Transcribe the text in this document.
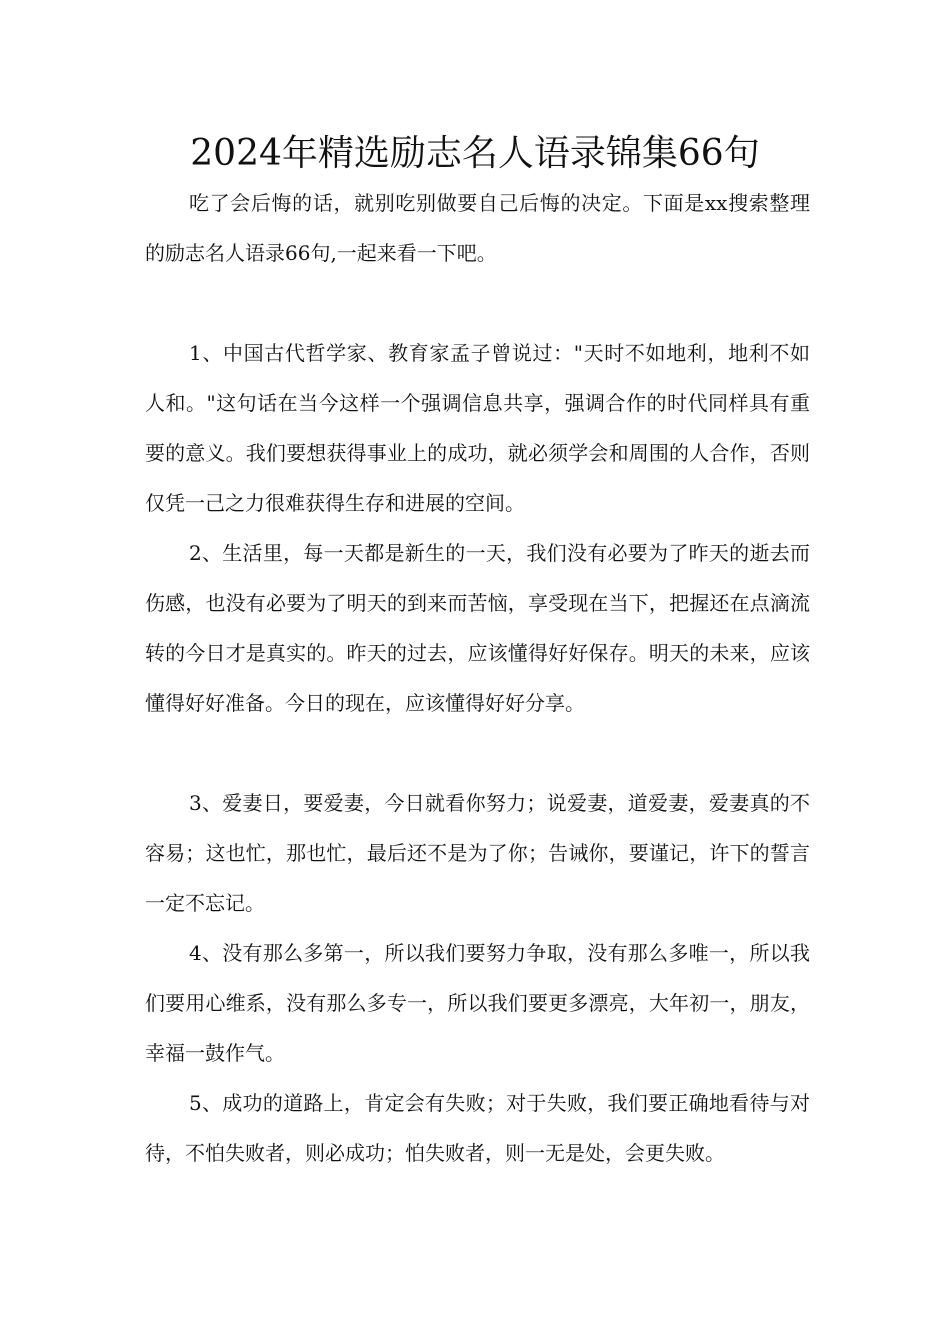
2024年精选励志名人语录锦集66句

吃了会后悔的话，就别吃别做要自己后悔的决定。下面是xx搜索整理的励志名人语录66句,一起来看一下吧。

1、中国古代哲学家、教育家孟子曾说过："天时不如地利，地利不如人和。"这句话在当今这样一个强调信息共享，强调合作的时代同样具有重要的意义。我们要想获得事业上的成功，就必须学会和周围的人合作，否则仅凭一己之力很难获得生存和进展的空间。

2、生活里，每一天都是新生的一天，我们没有必要为了昨天的逝去而伤感，也没有必要为了明天的到来而苦恼，享受现在当下，把握还在点滴流转的今日才是真实的。昨天的过去，应该懂得好好保存。明天的未来，应该懂得好好准备。今日的现在，应该懂得好好分享。

3、爱妻日，要爱妻，今日就看你努力；说爱妻，道爱妻，爱妻真的不容易；这也忙，那也忙，最后还不是为了你；告诫你，要谨记，许下的誓言一定不忘记。

4、没有那么多第一，所以我们要努力争取，没有那么多唯一，所以我们要用心维系，没有那么多专一，所以我们要更多漂亮，大年初一，朋友，幸福一鼓作气。

5、成功的道路上，肯定会有失败；对于失败，我们要正确地看待与对待，不怕失败者，则必成功；怕失败者，则一无是处，会更失败。
